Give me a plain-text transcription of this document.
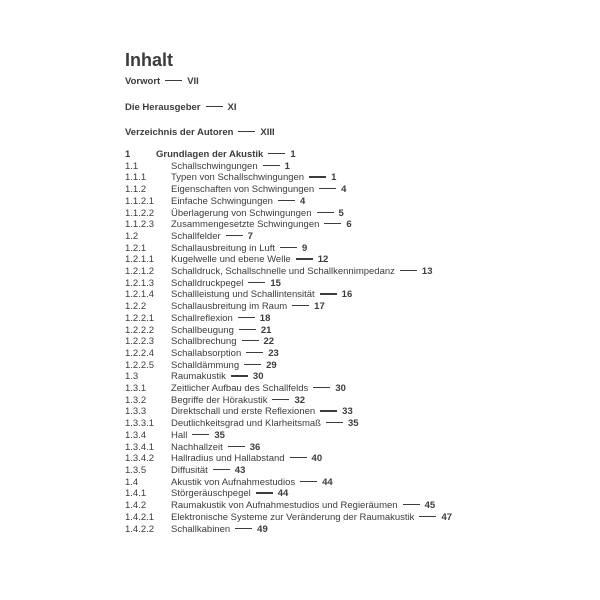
Inhalt
Vorwort	VII
Die Herausgeber	XI
Verzeichnis der Autoren	XIII
1	Grundlagen der Akustik	1
1.1	Schallschwingungen	1
1.1.1	Typen von Schallschwingungen	1
1.1.2	Eigenschaften von Schwingungen	4
1.1.2.1 Einfache Schwingungen	4
1.1.2.2 Überlagerung von Schwingungen	5
1.1.2.3 Zusammengesetzte Schwingungen	6
1.2	Schallfelder	7
1.2.1	Schallausbreitung in Luft	9
1.2.1.1 Kugelwelle und ebene Welle	12
1.2.1.2 Schalldruck, Schallschnelle und Schallkennimpedanz	13
1.2.1.3 Schalldruckpegel	15
1.2.1.4 Schallleistung und Schallintensität	16
1.2.2	Schallausbreitung im Raum	17
1.2.2.1 Schallreflexion	18
1.2.2.2 Schallbeugung	21
1.2.2.3 Schallbrechung	22
1.2.2.4 Schallabsorption	23
1.2.2.5 Schalldämmung	29
1.3	Raumakustik	30
1.3.1	Zeitlicher Aufbau des Schallfelds	30
1.3.2	Begriffe der Hörakustik	32
1.3.3	Direktschall und erste Reflexionen	33
1.3.3.1 Deutlichkeitsgrad und Klarheitsmaß	35
1.3.4	Hall	35
1.3.4.1 Nachhallzeit	36
1.3.4.2 Hallradius und Hallabstand	40
1.3.5	Diffusität	43
1.4	Akustik von Aufnahmestudios	44
1.4.1	Störgeräuschpegel	44
1.4.2	Raumakustik von Aufnahmestudios und Regieräumen	45
1.4.2.1 Elektronische Systeme zur Veränderung der Raumakustik	47
1.4.2.2 Schallkabinen	49
